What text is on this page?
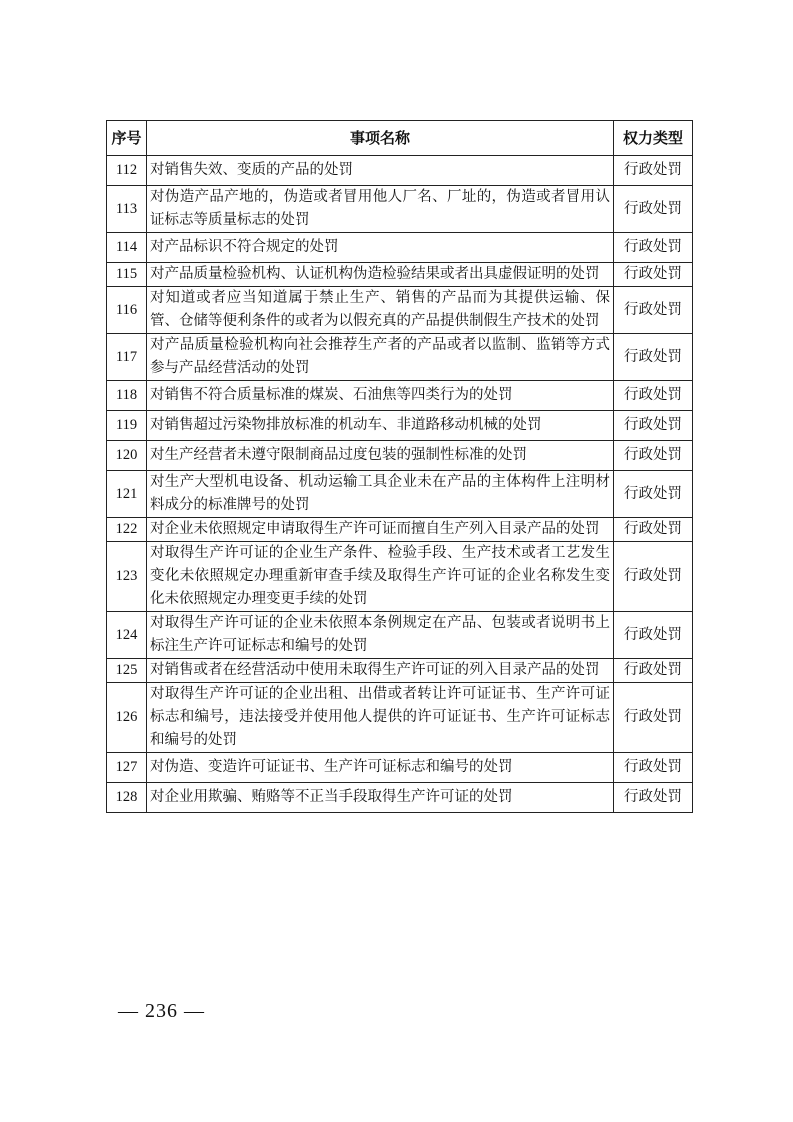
序号	事项名称	权力类型
112	对销售失效、变质的产品的处罚	行政处罚
113	对伪造产品产地的，伪造或者冒用他人厂名、厂址的，伪造或者冒用认证标志等质量标志的处罚	行政处罚
114	对产品标识不符合规定的处罚	行政处罚
115	对产品质量检验机构、认证机构伪造检验结果或者出具虚假证明的处罚	行政处罚
116	对知道或者应当知道属于禁止生产、销售的产品而为其提供运输、保管、仓储等便利条件的或者为以假充真的产品提供制假生产技术的处罚	行政处罚
117	对产品质量检验机构向社会推荐生产者的产品或者以监制、监销等方式参与产品经营活动的处罚	行政处罚
118	对销售不符合质量标准的煤炭、石油焦等四类行为的处罚	行政处罚
119	对销售超过污染物排放标准的机动车、非道路移动机械的处罚	行政处罚
120	对生产经营者未遵守限制商品过度包装的强制性标准的处罚	行政处罚
121	对生产大型机电设备、机动运输工具企业未在产品的主体构件上注明材料成分的标准牌号的处罚	行政处罚
122	对企业未依照规定申请取得生产许可证而擅自生产列入目录产品的处罚	行政处罚
123	对取得生产许可证的企业生产条件、检验手段、生产技术或者工艺发生变化未依照规定办理重新审查手续及取得生产许可证的企业名称发生变化未依照规定办理变更手续的处罚	行政处罚
124	对取得生产许可证的企业未依照本条例规定在产品、包装或者说明书上标注生产许可证标志和编号的处罚	行政处罚
125	对销售或者在经营活动中使用未取得生产许可证的列入目录产品的处罚	行政处罚
126	对取得生产许可证的企业出租、出借或者转让许可证证书、生产许可证标志和编号，违法接受并使用他人提供的许可证证书、生产许可证标志和编号的处罚	行政处罚
127	对伪造、变造许可证证书、生产许可证标志和编号的处罚	行政处罚
128	对企业用欺骗、贿赂等不正当手段取得生产许可证的处罚	行政处罚
— 236 —
